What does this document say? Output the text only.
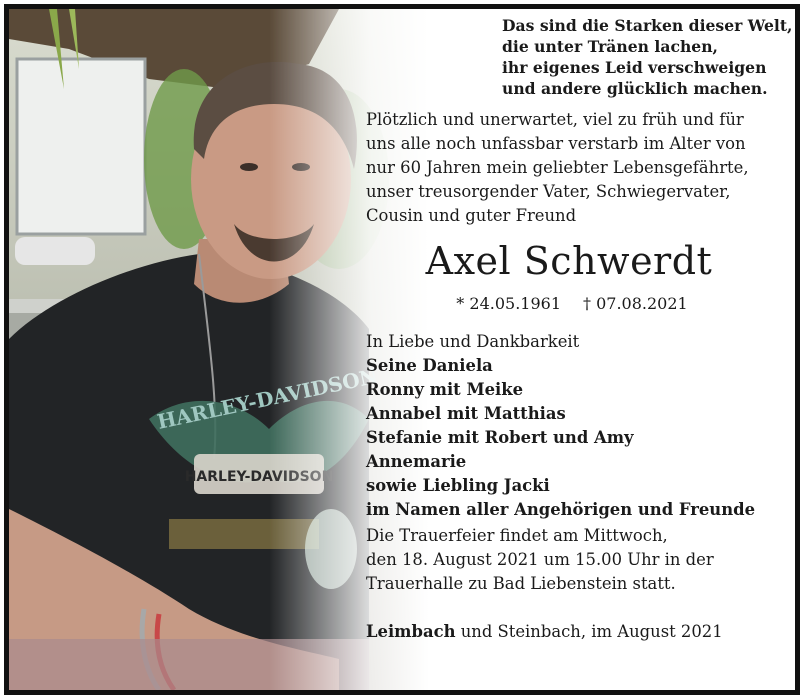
Das sind die Starken dieser Welt,
die unter Tränen lachen,
ihr eigenes Leid verschweigen
und andere glücklich machen.
Plötzlich und unerwartet, viel zu früh und für
uns alle noch unfassbar verstarb im Alter von
nur 60 Jahren mein geliebter Lebensgefährte,
unser treusorgender Vater, Schwiegervater,
Cousin und guter Freund
Axel Schwerdt
* 24.05.1961 † 07.08.2021
In Liebe und Dankbarkeit
Seine Daniela
Ronny mit Meike
Annabel mit Matthias
Stefanie mit Robert und Amy
Annemarie
sowie Liebling Jacki
im Namen aller Angehörigen und Freunde
Die Trauerfeier findet am Mittwoch,
den 18. August 2021 um 15.00 Uhr in der
Trauerhalle zu Bad Liebenstein statt.
Leimbach und Steinbach, im August 2021
